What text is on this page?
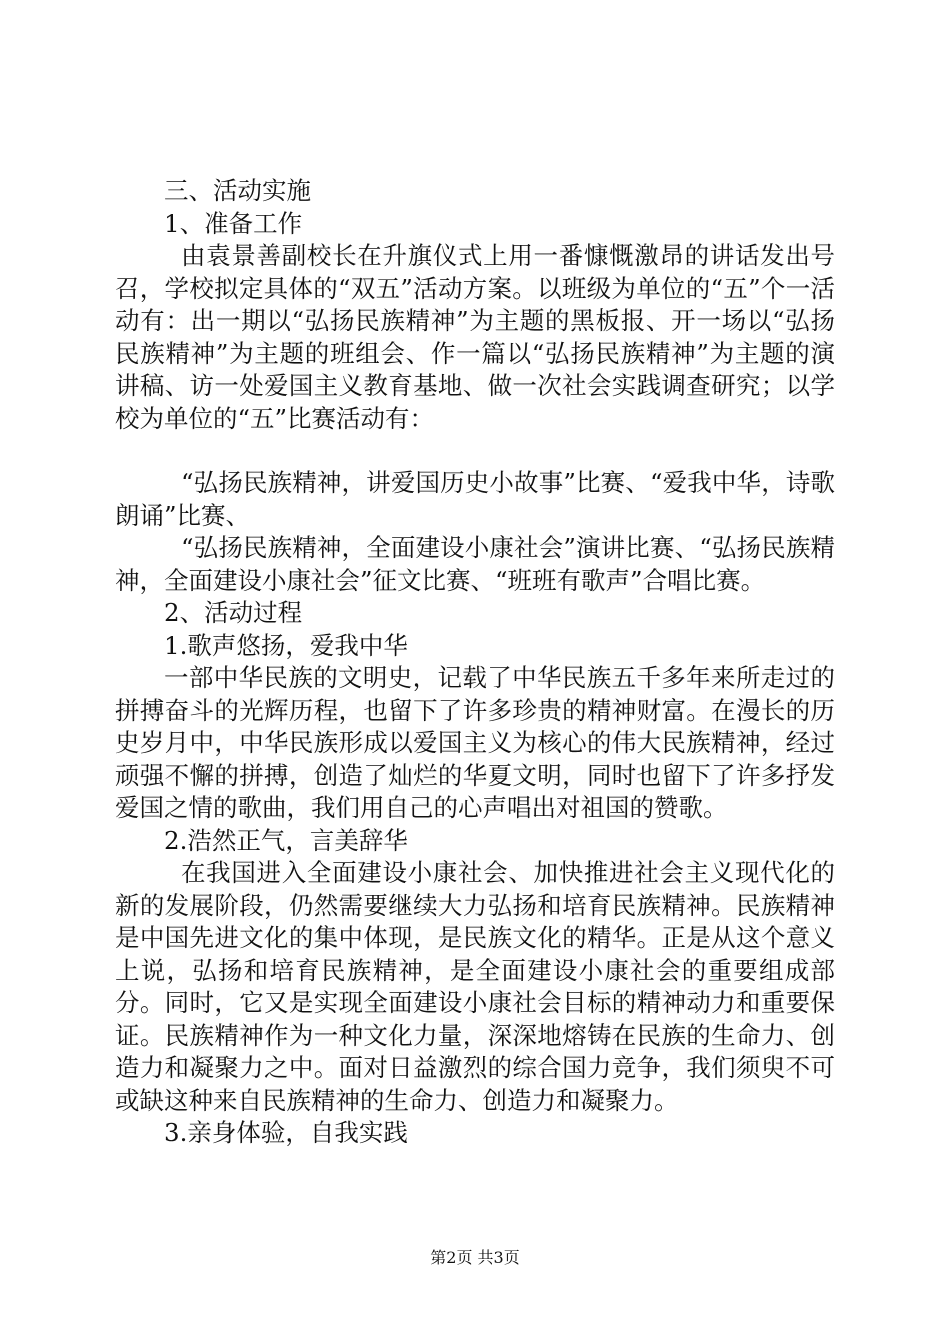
三、活动实施

1、准备工作

由袁景善副校长在升旗仪式上用一番慷慨激昂的讲话发出号召，学校拟定具体的“双五”活动方案。以班级为单位的“五”个一活动有：出一期以“弘扬民族精神”为主题的黑板报、开一场以“弘扬民族精神”为主题的班组会、作一篇以“弘扬民族精神”为主题的演讲稿、访一处爱国主义教育基地、做一次社会实践调查研究；以学校为单位的“五”比赛活动有：

“弘扬民族精神，讲爱国历史小故事”比赛、“爱我中华，诗歌朗诵”比赛、

“弘扬民族精神，全面建设小康社会”演讲比赛、“弘扬民族精神，全面建设小康社会”征文比赛、“班班有歌声”合唱比赛。

2、活动过程

1.歌声悠扬，爱我中华

一部中华民族的文明史，记载了中华民族五千多年来所走过的拼搏奋斗的光辉历程，也留下了许多珍贵的精神财富。在漫长的历史岁月中，中华民族形成以爱国主义为核心的伟大民族精神，经过顽强不懈的拼搏，创造了灿烂的华夏文明，同时也留下了许多抒发爱国之情的歌曲，我们用自己的心声唱出对祖国的赞歌。

2.浩然正气，言美辞华

在我国进入全面建设小康社会、加快推进社会主义现代化的新的发展阶段，仍然需要继续大力弘扬和培育民族精神。民族精神是中国先进文化的集中体现，是民族文化的精华。正是从这个意义上说，弘扬和培育民族精神，是全面建设小康社会的重要组成部分。同时，它又是实现全面建设小康社会目标的精神动力和重要保证。民族精神作为一种文化力量，深深地熔铸在民族的生命力、创造力和凝聚力之中。面对日益激烈的综合国力竞争，我们须臾不可或缺这种来自民族精神的生命力、创造力和凝聚力。

3.亲身体验，自我实践

第2页 共3页
